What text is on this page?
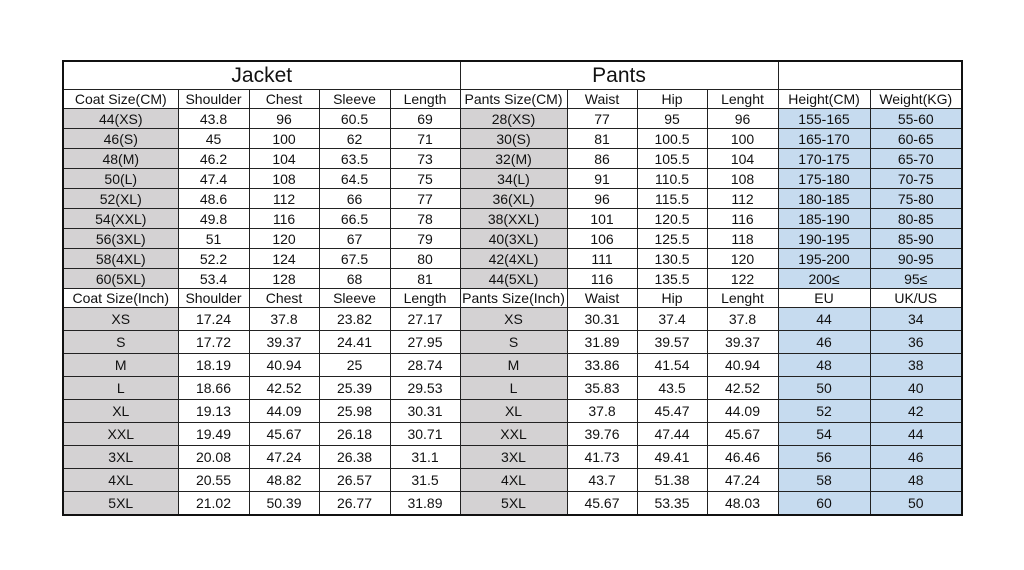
Jacket					Pants					
Coat Size(CM)	Shoulder	Chest	Sleeve	Length	Pants Size(CM)	Waist	Hip	Lenght	Height(CM)	Weight(KG)
44(XS)	43.8	96	60.5	69	28(XS)	77	95	96	155-165	55-60
46(S)	45	100	62	71	30(S)	81	100.5	100	165-170	60-65
48(M)	46.2	104	63.5	73	32(M)	86	105.5	104	170-175	65-70
50(L)	47.4	108	64.5	75	34(L)	91	110.5	108	175-180	70-75
52(XL)	48.6	112	66	77	36(XL)	96	115.5	112	180-185	75-80
54(XXL)	49.8	116	66.5	78	38(XXL)	101	120.5	116	185-190	80-85
56(3XL)	51	120	67	79	40(3XL)	106	125.5	118	190-195	85-90
58(4XL)	52.2	124	67.5	80	42(4XL)	111	130.5	120	195-200	90-95
60(5XL)	53.4	128	68	81	44(5XL)	116	135.5	122	200≤	95≤
Coat Size(Inch)	Shoulder	Chest	Sleeve	Length	Pants Size(Inch)	Waist	Hip	Lenght	EU	UK/US
XS	17.24	37.8	23.82	27.17	XS	30.31	37.4	37.8	44	34
S	17.72	39.37	24.41	27.95	S	31.89	39.57	39.37	46	36
M	18.19	40.94	25	28.74	M	33.86	41.54	40.94	48	38
L	18.66	42.52	25.39	29.53	L	35.83	43.5	42.52	50	40
XL	19.13	44.09	25.98	30.31	XL	37.8	45.47	44.09	52	42
XXL	19.49	45.67	26.18	30.71	XXL	39.76	47.44	45.67	54	44
3XL	20.08	47.24	26.38	31.1	3XL	41.73	49.41	46.46	56	46
4XL	20.55	48.82	26.57	31.5	4XL	43.7	51.38	47.24	58	48
5XL	21.02	50.39	26.77	31.89	5XL	45.67	53.35	48.03	60	50
